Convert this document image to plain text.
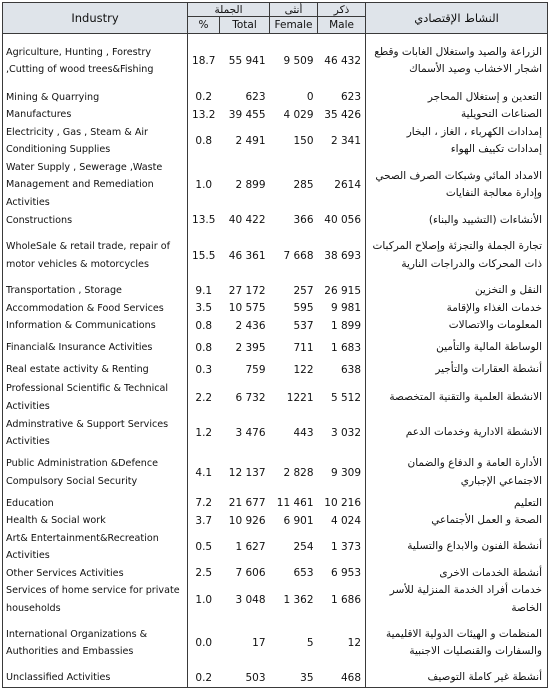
Industry	الجملة		أنثى	ذكر	النشاط الإقتصادي
	%	Total	Female	Male	
Agriculture, Hunting , Forestry ,Cutting of wood trees&Fishing	18.7	55 941	9 509	46 432	الزراعة والصيد واستغلال الغابات وقطع اشجار الاخشاب وصيد الأسماك
Mining & Quarrying	0.2	623	0	623	التعدين و إستغلال المحاجر
Manufactures	13.2	39 455	4 029	35 426	الصناعات التحويلية
Electricity , Gas , Steam & Air Conditioning Supplies	0.8	2 491	150	2 341	إمدادات الكهرباء ، الغاز ، البخار إمدادات تكييف الهواء
Water Supply , Sewerage ,Waste Management and Remediation Activities	1.0	2 899	285	2614	الامداد المائي وشبكات الصرف الصحي وإدارة معالجة النفايات
Constructions	13.5	40 422	366	40 056	الأنشاءات (التشييد والبناء)
WholeSale & retail trade, repair of motor vehicles & motorcycles	15.5	46 361	7 668	38 693	تجارة الجملة والتجزئة وإصلاح المركبات ذات المحركات والدراجات النارية
Transportation , Storage	9.1	27 172	257	26 915	النقل و التخزين
Accommodation & Food Services	3.5	10 575	595	9 981	خدمات الغذاء والإقامة
Information & Communications	0.8	2 436	537	1 899	المعلومات والاتصالات
Financial& Insurance Activities	0.8	2 395	711	1 683	الوساطة المالية والتأمين
Real estate activity & Renting	0.3	759	122	638	أنشطة العقارات والتأجير
Professional Scientific & Technical Activities	2.2	6 732	1221	5 512	الانشطة العلمية والتقنية المتخصصة
Adminstrative & Support Services Activities	1.2	3 476	443	3 032	الانشطة الادارية وخدمات الدعم
Public Administration &Defence Compulsory Social Security	4.1	12 137	2 828	9 309	الأدارة العامة و الدفاع والضمان الاجتماعي الإجباري
Education	7.2	21 677	11 461	10 216	التعليم
Health & Social work	3.7	10 926	6 901	4 024	الصحة و العمل الأجتماعي
Art& Entertainment&Recreation Activities	0.5	1 627	254	1 373	أنشطة الفنون والابداع والتسلية
Other Services Activities	2.5	7 606	653	6 953	أنشطة الخدمات الاخرى
Services of home service for private households	1.0	3 048	1 362	1 686	خدمات أفراد الخدمة المنزلية للأسر الخاصة
International Organizations & Authorities and Embassies	0.0	17	5	12	المنظمات و الهيئات الدولية الاقليمية والسفارات والقنصليات الاجنبية
Unclassified Activities	0.2	503	35	468	أنشطة غير كاملة التوصيف
